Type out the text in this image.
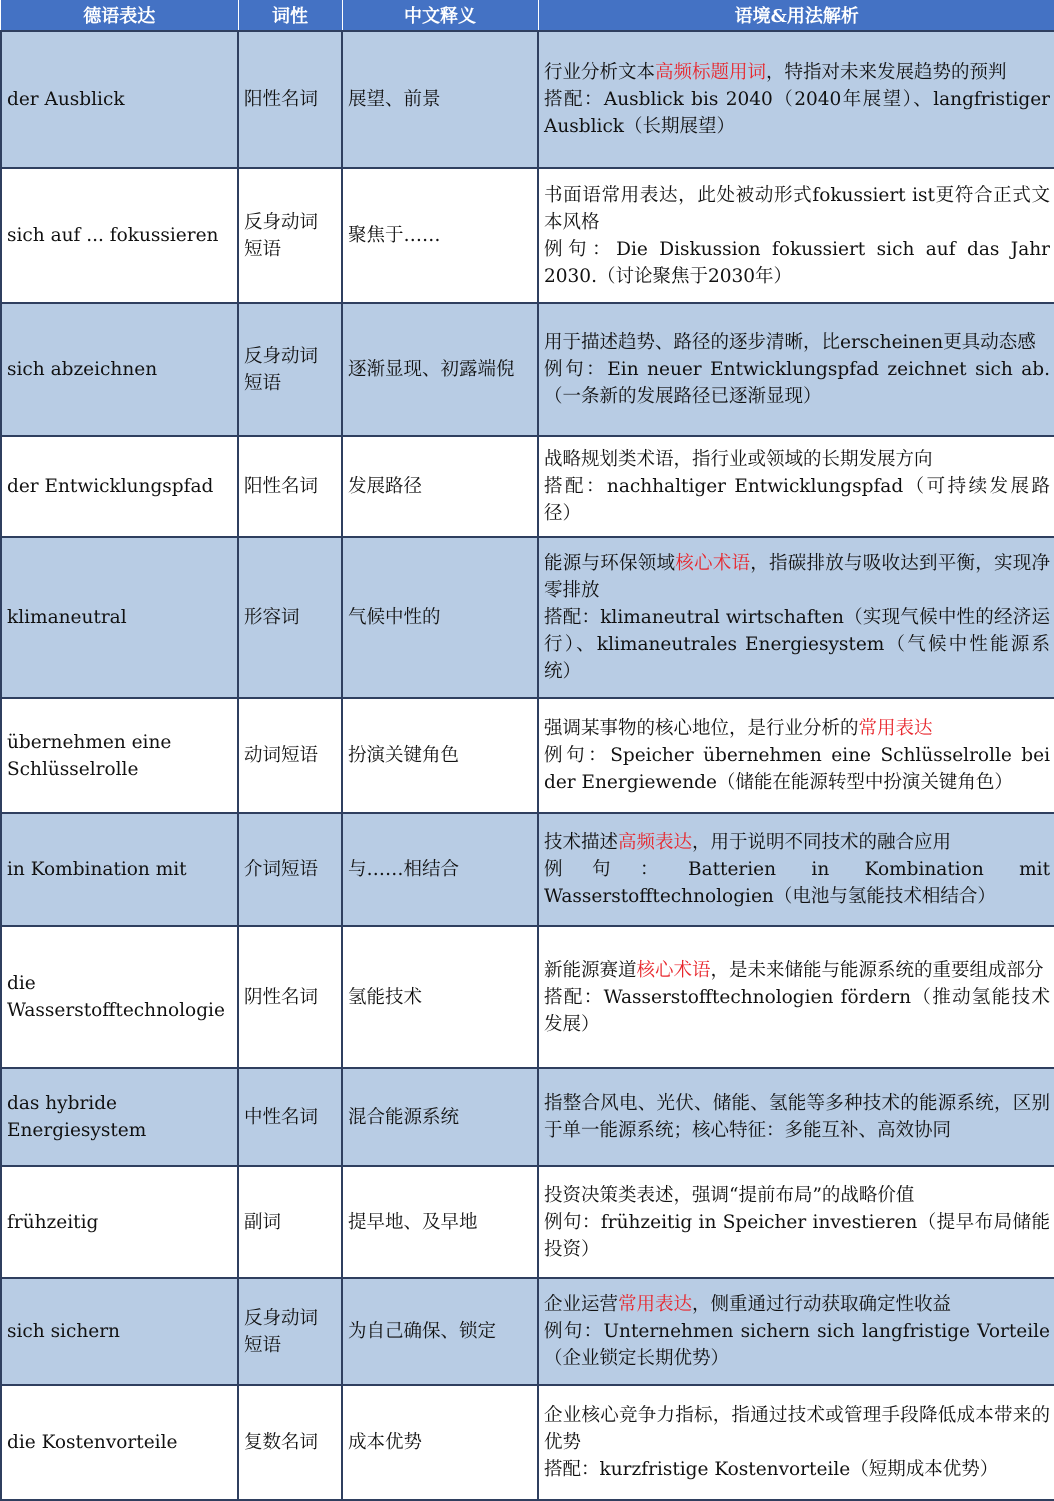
德语表达	词性	中文释义	语境&用法解析
der Ausblick	阳性名词	展望、前景	行业分析文本高频标题用词，特指对未来发展趋势的预判
搭配：Ausblick bis 2040（2040年展望）、langfristiger Ausblick（长期展望）

sich auf ... fokussieren	反身动词短语	聚焦于……	书面语常用表达，此处被动形式fokussiert ist更符合正式文本风格
例句：Die Diskussion fokussiert sich auf das Jahr 2030.（讨论聚焦于2030年）

sich abzeichnen	反身动词短语	逐渐显现、初露端倪	用于描述趋势、路径的逐步清晰，比erscheinen更具动态感
例句：Ein neuer Entwicklungspfad zeichnet sich ab.（一条新的发展路径已逐渐显现）

der Entwicklungspfad	阳性名词	发展路径	战略规划类术语，指行业或领域的长期发展方向
搭配：nachhaltiger Entwicklungspfad（可持续发展路径）

klimaneutral	形容词	气候中性的	能源与环保领域核心术语，指碳排放与吸收达到平衡，实现净零排放
搭配：klimaneutral wirtschaften（实现气候中性的经济运行）、klimaneutrales Energiesystem（气候中性能源系统）

übernehmen eine Schlüsselrolle	动词短语	扮演关键角色	强调某事物的核心地位，是行业分析的常用表达
例句：Speicher übernehmen eine Schlüsselrolle bei der Energiewende（储能在能源转型中扮演关键角色）

in Kombination mit	介词短语	与……相结合	技术描述高频表达，用于说明不同技术的融合应用
例句：Batterien in Kombination mit Wasserstofftechnologien（电池与氢能技术相结合）

die Wasserstofftechnologie	阴性名词	氢能技术	新能源赛道核心术语，是未来储能与能源系统的重要组成部分
搭配：Wasserstofftechnologien fördern（推动氢能技术发展）

das hybride Energiesystem	中性名词	混合能源系统	指整合风电、光伏、储能、氢能等多种技术的能源系统，区别于单一能源系统；核心特征：多能互补、高效协同

frühzeitig	副词	提早地、及早地	投资决策类表述，强调“提前布局”的战略价值
例句：frühzeitig in Speicher investieren（提早布局储能投资）

sich sichern	反身动词短语	为自己确保、锁定	企业运营常用表达，侧重通过行动获取确定性收益
例句：Unternehmen sichern sich langfristige Vorteile（企业锁定长期优势）

die Kostenvorteile	复数名词	成本优势	企业核心竞争力指标，指通过技术或管理手段降低成本带来的优势
搭配：kurzfristige Kostenvorteile（短期成本优势）
